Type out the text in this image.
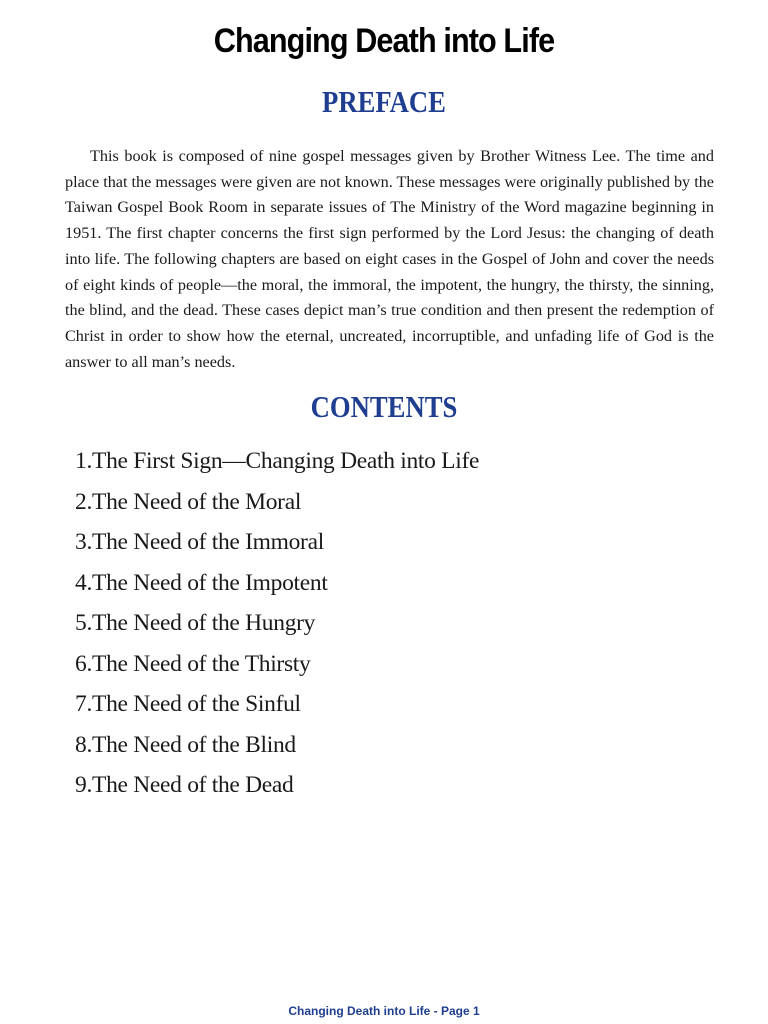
Changing Death into Life
PREFACE

This book is composed of nine gospel messages given by Brother Witness Lee. The time and place that the messages were given are not known. These messages were originally published by the Taiwan Gospel Book Room in separate issues of The Ministry of the Word magazine beginning in 1951. The first chapter concerns the first sign performed by the Lord Jesus: the changing of death into life. The following chapters are based on eight cases in the Gospel of John and cover the needs of eight kinds of people—the moral, the immoral, the impotent, the hungry, the thirsty, the sinning, the blind, and the dead. These cases depict man’s true condition and then present the redemption of Christ in order to show how the eternal, uncreated, incorruptible, and unfading life of God is the answer to all man’s needs.

CONTENTS
1.The First Sign—Changing Death into Life
2.The Need of the Moral
3.The Need of the Immoral
4.The Need of the Impotent
5.The Need of the Hungry
6.The Need of the Thirsty
7.The Need of the Sinful
8.The Need of the Blind
9.The Need of the Dead

Changing Death into Life - Page 1
